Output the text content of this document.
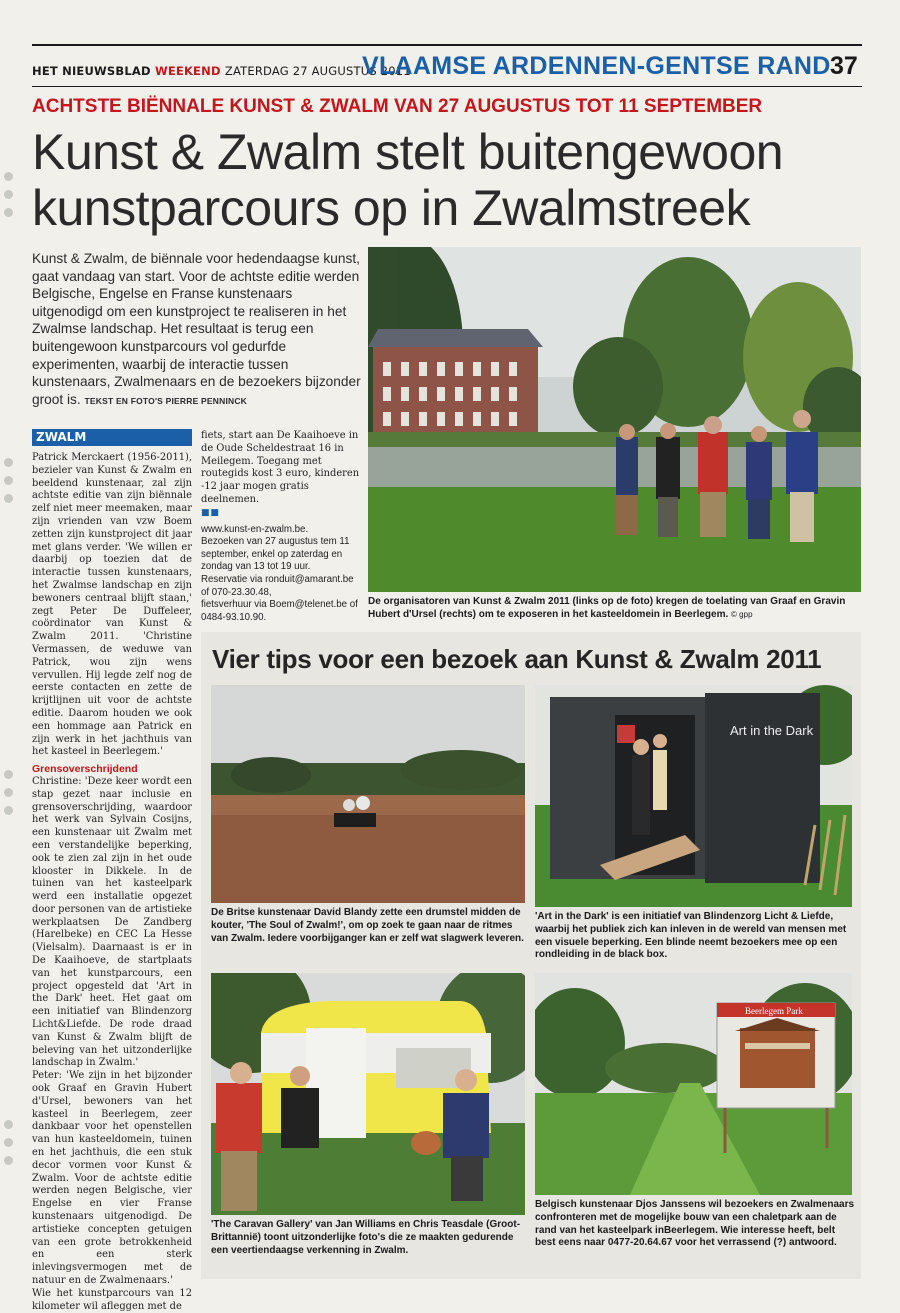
HET NIEUWSBLAD WEEKEND ZATERDAG 27 AUGUSTUS 2011
VLAAMSE ARDENNEN-GENTSE RAND 37
ACHTSTE BIËNNALE KUNST & ZWALM VAN 27 AUGUSTUS TOT 11 SEPTEMBER
Kunst & Zwalm stelt buitengewoon
kunstparcours op in Zwalmstreek
Kunst & Zwalm, de biënnale voor hedendaagse kunst, gaat vandaag van start. Voor de achtste editie werden Belgische, Engelse en Franse kunstenaars uitgenodigd om een kunstproject te realiseren in het Zwalmse landschap. Het resultaat is terug een buitengewoon kunstparcours vol gedurfde experimenten, waarbij de interactie tussen kunstenaars, Zwalmenaars en de bezoekers bijzonder groot is. TEKST EN FOTO'S PIERRE PENNINCK
De organisatoren van Kunst & Zwalm 2011 (links op de foto) kregen de toelating van Graaf en Gravin Hubert d'Ursel (rechts) om te exposeren in het kasteeldomein in Beerlegem. © gpp
ZWALM

Patrick Merckaert (1956-2011), bezieler van Kunst & Zwalm en beeldend kunstenaar, zal zijn achtste editie van zijn biënnale zelf niet meer meemaken, maar zijn vrienden van vzw Boem zetten zijn kunstproject dit jaar met glans verder. 'We willen er daarbij op toezien dat de interactie tussen kunstenaars, het Zwalmse landschap en zijn bewoners centraal blijft staan,' zegt Peter De Duffeleer, coördinator van Kunst & Zwalm 2011. 'Christine Vermassen, de weduwe van Patrick, wou zijn wens vervullen. Hij legde zelf nog de eerste contacten en zette de krijtlijnen uit voor de achtste editie. Daarom houden we ook een hommage aan Patrick en zijn werk in het jachthuis van het kasteel in Beerlegem.'

Grensoverschrijdend

Christine: 'Deze keer wordt een stap gezet naar inclusie en grensoverschrijding, waardoor het werk van Sylvain Cosijns, een kunstenaar uit Zwalm met een verstandelijke beperking, ook te zien zal zijn in het oude klooster in Dikkele. In de tuinen van het kasteelpark werd een installatie opgezet door personen van de artistieke werkplaatsen De Zandberg (Harelbeke) en CEC La Hesse (Vielsalm). Daarnaast is er in De Kaaihoeve, de startplaats van het kunstparcours, een project opgesteld dat 'Art in the Dark' heet. Het gaat om een initiatief van Blindenzorg Licht&Liefde. De rode draad van Kunst & Zwalm blijft de beleving van het uitzonderlijke landschap in Zwalm.'

Peter: 'We zijn in het bijzonder ook Graaf en Gravin Hubert d'Ursel, bewoners van het kasteel in Beerlegem, zeer dankbaar voor het openstellen van hun kasteeldomein, tuinen en het jachthuis, die een stuk decor vormen voor Kunst & Zwalm. Voor de achtste editie werden negen Belgische, vier Engelse en vier Franse kunstenaars uitgenodigd. De artistieke concepten getuigen van een grote betrokkenheid en een sterk inlevingsvermogen met de natuur en de Zwalmenaars.'

Wie het kunstparcours van 12 kilometer wil afleggen met de

fiets, start aan De Kaaihoeve in de Oude Scheldestraat 16 in Meilegem. Toegang met routegids kost 3 euro, kinderen -12 jaar mogen gratis deelnemen.
■ ■
www.kunst-en-zwalm.be.
Bezoeken van 27 augustus tem 11 september, enkel op zaterdag en zondag van 13 tot 19 uur.
Reservatie via ronduit@amarant.be of 070-23.30.48,
fietsverhuur via Boem@telenet.be of 0484-93.10.90.
Vier tips voor een bezoek aan Kunst & Zwalm 2011
De Britse kunstenaar David Blandy zette een drumstel midden de kouter, 'The Soul of Zwalm!', om op zoek te gaan naar de ritmes van Zwalm. Iedere voorbijganger kan er zelf wat slagwerk leveren.
Art in the Dark
'Art in the Dark' is een initiatief van Blindenzorg Licht & Liefde, waarbij het publiek zich kan inleven in de wereld van mensen met een visuele beperking. Een blinde neemt bezoekers mee op een rondleiding in de black box.
'The Caravan Gallery' van Jan Williams en Chris Teasdale (Groot-Brittannië) toont uitzonderlijke foto's die ze maakten gedurende een veertiendaagse verkenning in Zwalm.
Beerlegem Park
Belgisch kunstenaar Djos Janssens wil bezoekers en Zwalmenaars confronteren met de mogelijke bouw van een chaletpark aan de rand van het kasteelpark inBeerlegem. Wie interesse heeft, belt best eens naar 0477-20.64.67 voor het verrassend (?) antwoord.
